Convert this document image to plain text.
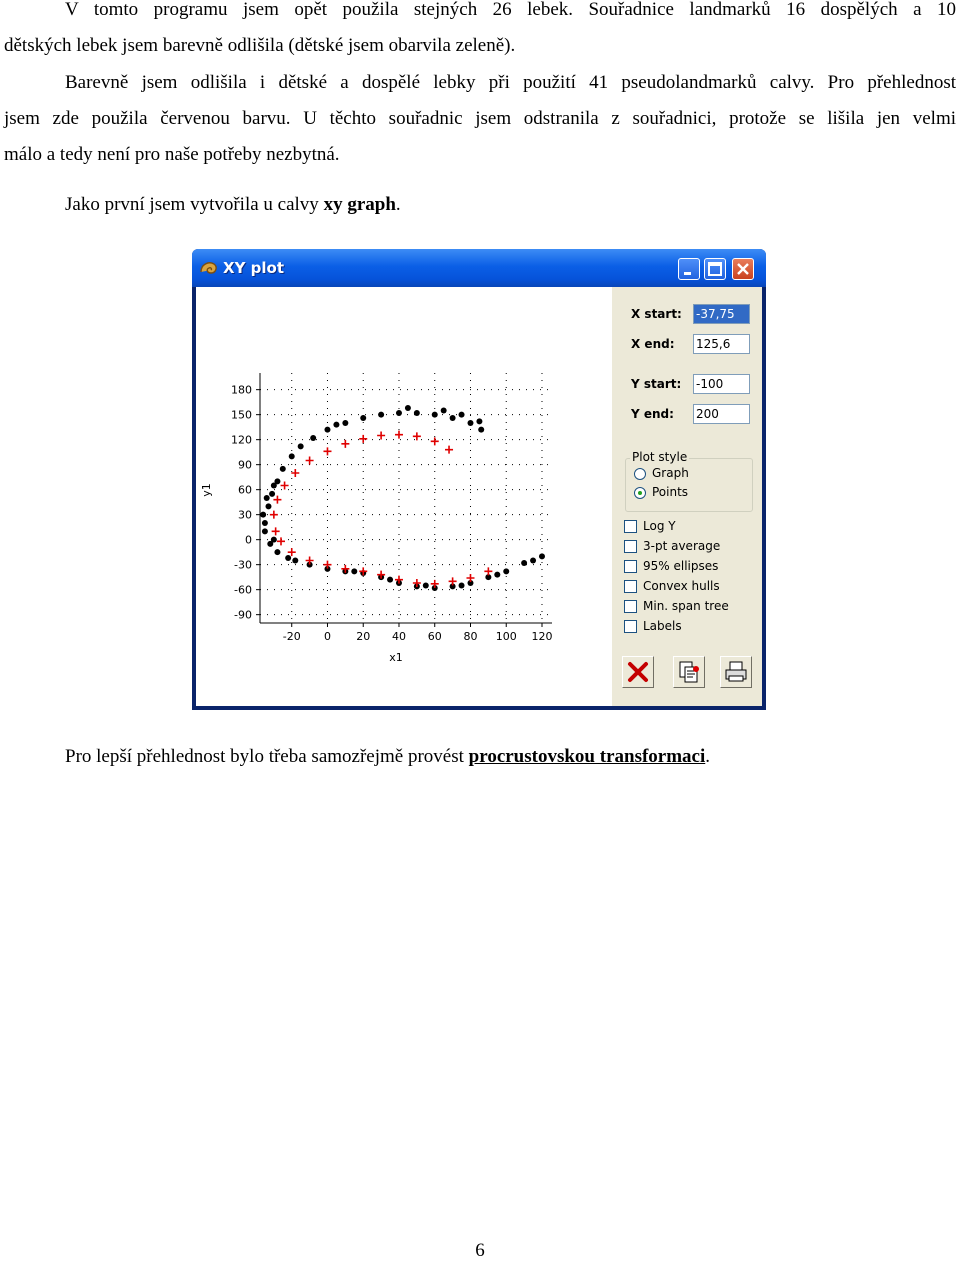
V tomto programu jsem opět použila stejných 26 lebek. Souřadnice landmarků 16 dospělých a 10
dětských lebek jsem barevně odlišila (dětské jsem obarvila zeleně).
Barevně jsem odlišila i dětské a dospělé lebky při použití 41 pseudolandmarků calvy. Pro přehlednost
jsem zde použila červenou barvu. U těchto souřadnic jsem odstranila z souřadnici, protože se lišila jen velmi
málo a tedy není pro naše potřeby nezbytná.
Jako první jsem vytvořila u calvy xy graph.
XY plot
-20 0 20 40 60 80 100 120
-90
-60
-30
0
30
60
90
120
150
180
x1
y1
X start: -37,75
X end: 125,6
Y start: -100
Y end: 200
Plot style
Graph
Points
Log Y
3-pt average
95% ellipses
Convex hulls
Min. span tree
Labels
Pro lepší přehlednost bylo třeba samozřejmě provést procrustovskou transformaci.
6
